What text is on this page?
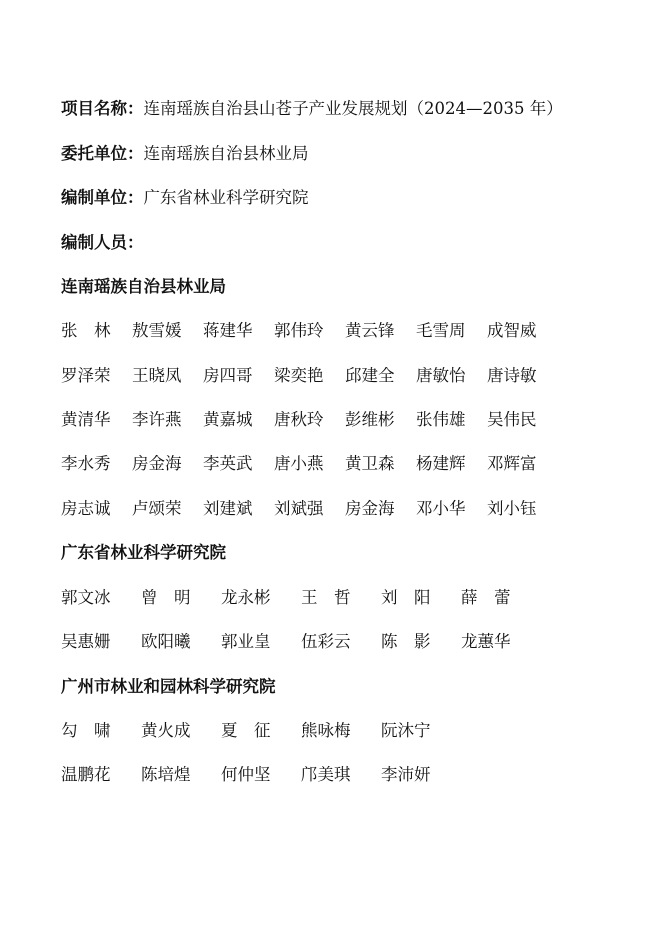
项目名称：连南瑶族自治县山苍子产业发展规划（2024—2035 年）
委托单位：连南瑶族自治县林业局
编制单位：广东省林业科学研究院
编制人员：
连南瑶族自治县林业局
张　林 敖雪媛 蒋建华 郭伟玲 黄云锋 毛雪周 成智威
罗泽荣 王晓凤 房四哥 梁奕艳 邱建全 唐敏怡 唐诗敏
黄清华 李许燕 黄嘉城 唐秋玲 彭维彬 张伟雄 吴伟民
李水秀 房金海 李英武 唐小燕 黄卫森 杨建辉 邓辉富
房志诚 卢颂荣 刘建斌 刘斌强 房金海 邓小华 刘小钰
广东省林业科学研究院
郭文冰 曾　明 龙永彬 王　哲 刘　阳 薛　蕾
吴惠姗 欧阳曦 郭业皇 伍彩云 陈　影 龙蕙华
广州市林业和园林科学研究院
勾　啸 黄火成 夏　征 熊咏梅 阮沐宁
温鹏花 陈培煌 何仲坚 邝美琪 李沛妍
